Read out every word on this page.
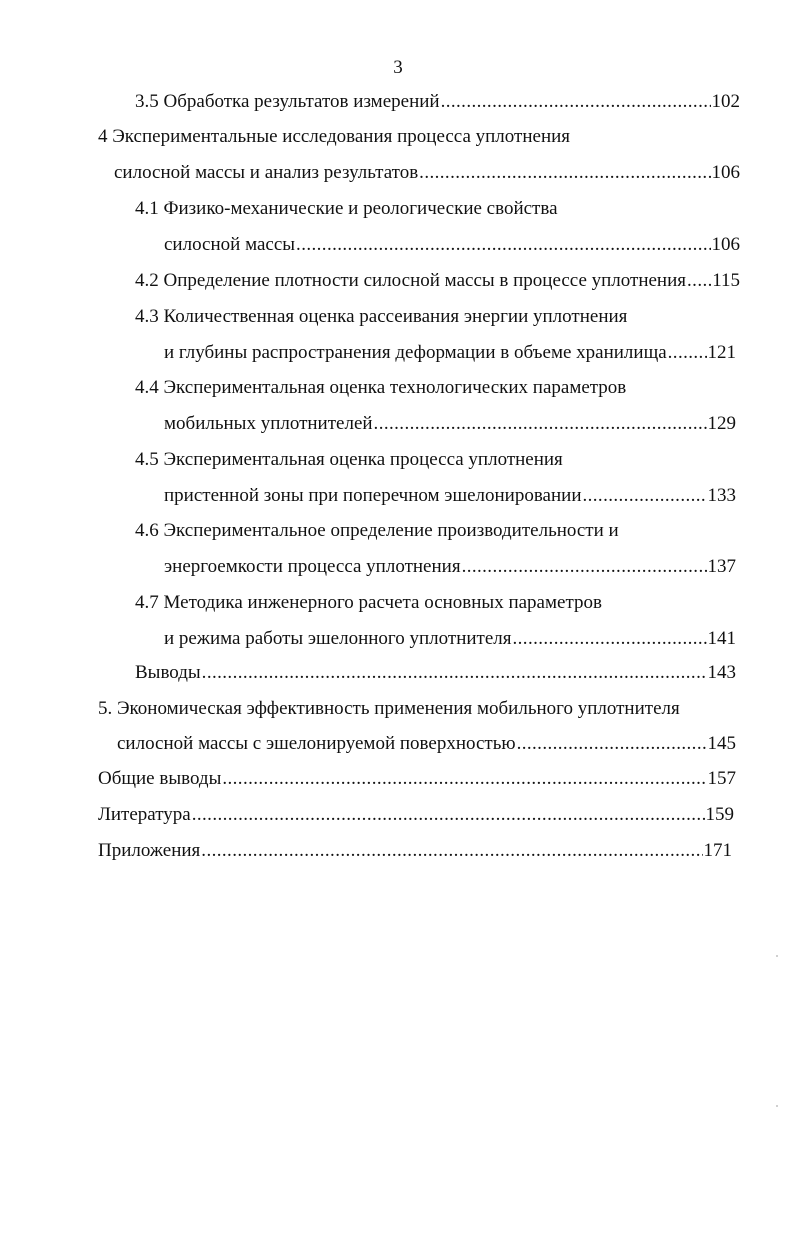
3
3.5 Обработка результатов измерений .....	102
4 Экспериментальные исследования процесса уплотнения
силосной массы и анализ результатов .....	106
4.1 Физико-механические и реологические свойства
силосной массы .....	106
4.2 Определение плотности силосной массы в процессе уплотнения ..... 115
4.3 Количественная оценка рассеивания энергии уплотнения
и глубины распространения деформации в объеме хранилища ..... 121
4.4 Экспериментальная оценка технологических параметров
мобильных уплотнителей .....	129
4.5 Экспериментальная оценка процесса уплотнения
пристенной зоны при поперечном эшелонировании .....	133
4.6 Экспериментальное определение производительности и
энергоемкости процесса уплотнения .....	137
4.7 Методика инженерного расчета основных параметров
и режима работы эшелонного уплотнителя .....	141
Выводы .....	143
5. Экономическая эффективность применения мобильного уплотнителя
силосной массы с эшелонируемой поверхностью .....	145
Общие выводы .....	157
Литература .....	159
Приложения .....	171
